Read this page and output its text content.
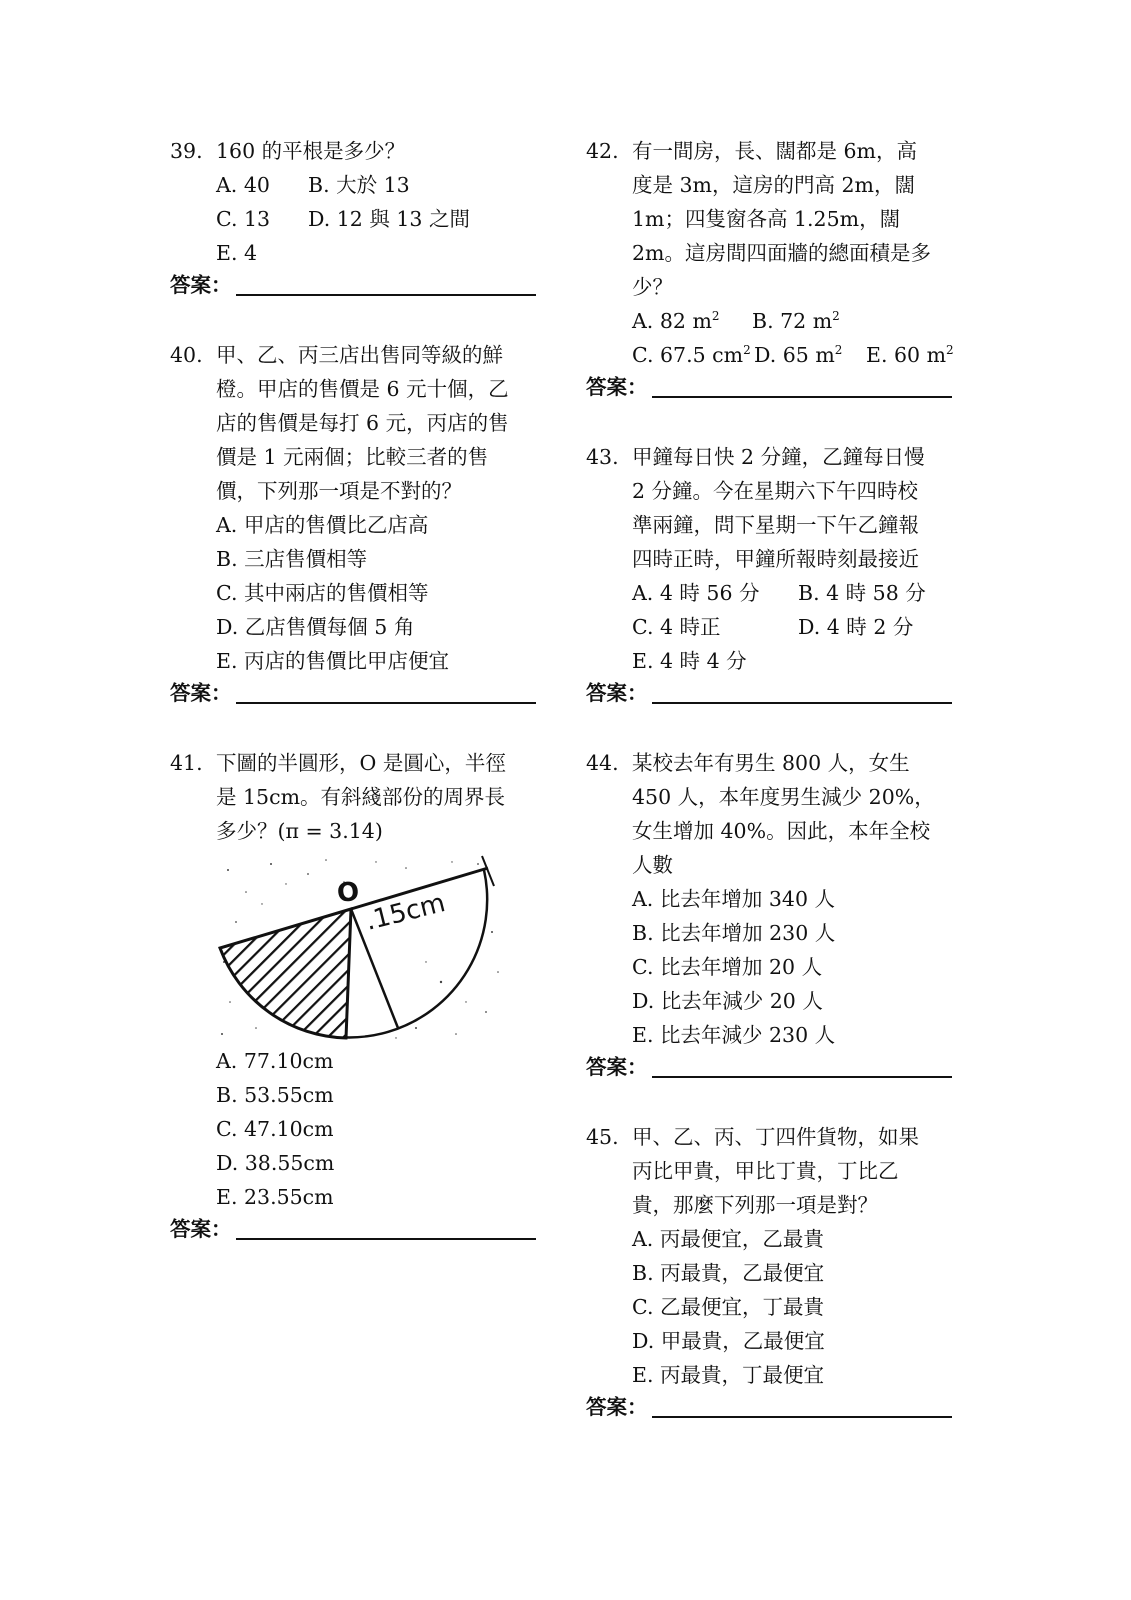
39. 160 的平根是多少？
A. 40 B. 大於 13
C. 13 D. 12 與 13 之間
E. 4
答案：
40. 甲、乙、丙三店出售同等級的鮮
橙。甲店的售價是 6 元十個，乙
店的售價是每打 6 元，丙店的售
價是 1 元兩個；比較三者的售
價，下列那一項是不對的？
A. 甲店的售價比乙店高
B. 三店售價相等
C. 其中兩店的售價相等
D. 乙店售價每個 5 角
E. 丙店的售價比甲店便宜
答案：
41. 下圖的半圓形，O 是圓心，半徑
是 15cm。有斜綫部份的周界長
多少？(π = 3.14)
O .15cm
A. 77.10cm
B. 53.55cm
C. 47.10cm
D. 38.55cm
E. 23.55cm
答案：
42. 有一間房，長、闊都是 6m，高
度是 3m，這房的門高 2m，闊
1m；四隻窗各高 1.25m，闊
2m。這房間四面牆的總面積是多
少？
A. 82 $m^2$ B. 72 $m^2$
C. 67.5 $cm^2$ D. 65 $m^2$ E. 60 $m^2$
答案：
43. 甲鐘每日快 2 分鐘，乙鐘每日慢
2 分鐘。今在星期六下午四時校
準兩鐘，問下星期一下午乙鐘報
四時正時，甲鐘所報時刻最接近
A. 4 時 56 分 B. 4 時 58 分
C. 4 時正	D. 4 時 2 分
E. 4 時 4 分
答案：
44. 某校去年有男生 800 人，女生
450 人，本年度男生減少 20%，
女生增加 40%。因此，本年全校
人數
A. 比去年增加 340 人
B. 比去年增加 230 人
C. 比去年增加 20 人
D. 比去年減少 20 人
E. 比去年減少 230 人
答案：
45. 甲、乙、丙、丁四件貨物，如果
丙比甲貴，甲比丁貴，丁比乙
貴，那麼下列那一項是對？
A. 丙最便宜，乙最貴
B. 丙最貴，乙最便宜
C. 乙最便宜，丁最貴
D. 甲最貴，乙最便宜
E. 丙最貴，丁最便宜
答案：
